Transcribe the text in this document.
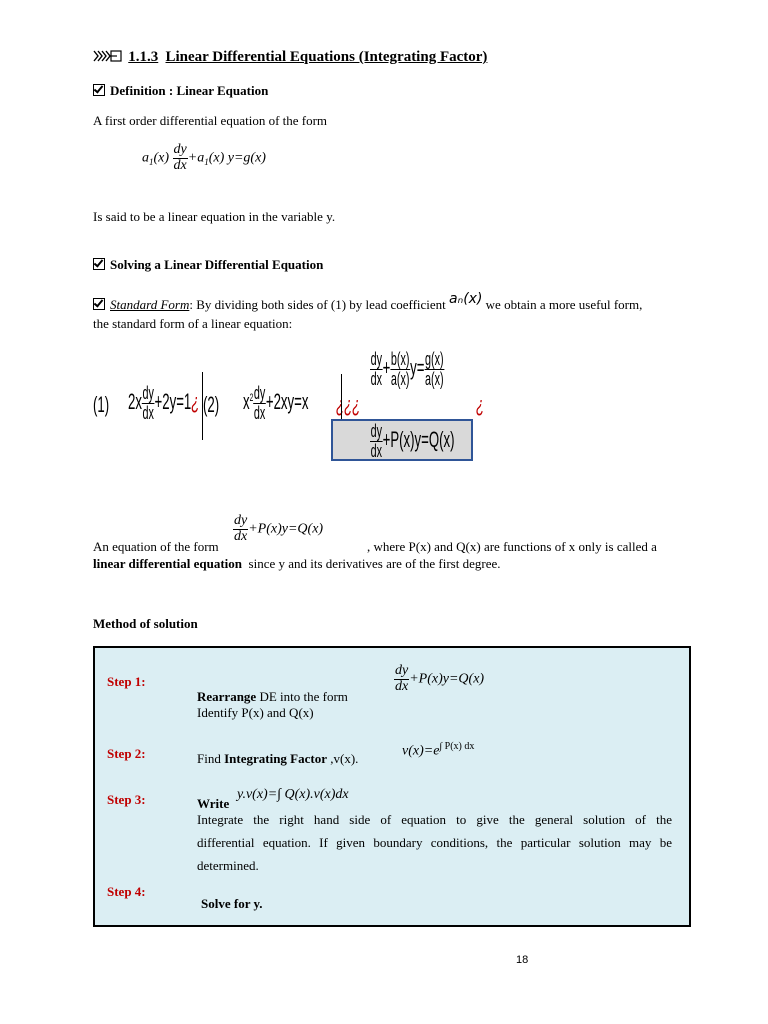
1.1.3 Linear Differential Equations (Integrating Factor)
Definition : Linear Equation
A first order differential equation of the form
$a_1(x) \frac{dy}{dx} +a_1(x)$ y=g(x)
Is said to be a linear equation in the variable y.
Solving a Linear Differential Equation
Standard Form: By dividing both sides of (1) by lead coefficient aₙ(x) we obtain a more useful form,
the standard form of a linear equation:
(1) $2x \frac{dy}{dx}$ +2y=1¿ (2) $x^2 \frac{dy}{dx} +2xy=x$ ¿¿¿
$\frac{dy}{dx} + \frac{b(x)}{a(x)} y= \frac{g(x)}{a(x)}$
¿
$\frac{dy}{dx} +P(x)y=Q(x)$
$\frac{dy}{dx} +P(x)y=Q(x)$
An equation of the form	, where P(x) and Q(x) are functions of x only is called a
linear differential equation since y and its derivatives are of the first degree.
Method of solution
Step 1:	$\frac{dy}{dx} +P(x)y=Q(x)$
Rearrange DE into the form
Identify P(x) and Q(x)
Step 2:	Find Integrating Factor ,v(x).	$v(x)=e^{\int P(x) dx}$
Step 3:	Write
y.v(x)=∫ Q(x).v(x)dx
Integrate the right hand side of equation to give the general solution of the
differential equation. If given boundary conditions, the particular solution may be
determined.
Step 4:
Solve for y.
18
